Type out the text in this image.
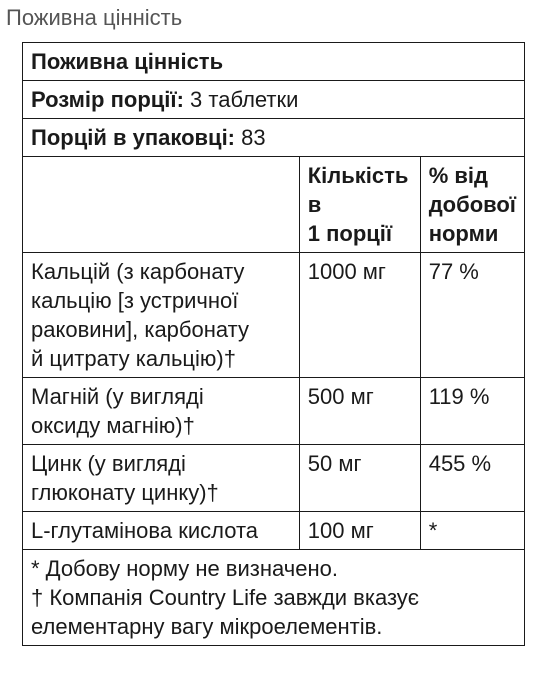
Поживна цінність
Поживна цінність		
Розмір порції: 3 таблетки		
Порцій в упаковці: 83		

	Кількість
в
1 порції	% від
добової
норми

Кальцій (з карбонату
кальцію [з устричної
раковини], карбонату
й цитрату кальцію)†	1000 мг	77 %

Магній (у вигляді
оксиду магнію)†	500 мг	119 %

Цинк (у вигляді
глюконату цинку)†	50 мг	455 %

L-глутамінова кислота	100 мг	*

* Добову норму не визначено.
† Компанія Country Life завжди вказує
елементарну вагу мікроелементів.		
